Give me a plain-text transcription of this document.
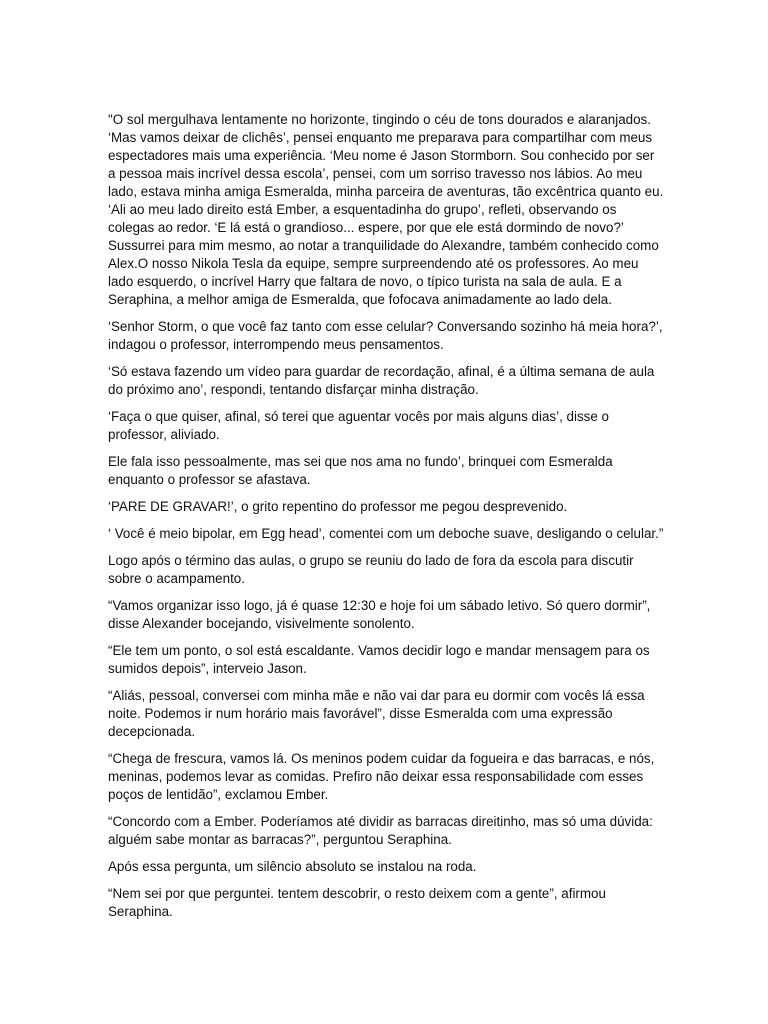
"O sol mergulhava lentamente no horizonte, tingindo o céu de tons dourados e alaranjados. ‘Mas vamos deixar de clichês’, pensei enquanto me preparava para compartilhar com meus espectadores mais uma experiência. ‘Meu nome é Jason Stormborn. Sou conhecido por ser a pessoa mais incrível dessa escola’, pensei, com um sorriso travesso nos lábios. Ao meu lado, estava minha amiga Esmeralda, minha parceira de aventuras, tão excêntrica quanto eu. ‘Ali ao meu lado direito está Ember, a esquentadinha do grupo’, refleti, observando os colegas ao redor. ‘E lá está o grandioso... espere, por que ele está dormindo de novo?’ Sussurrei para mim mesmo, ao notar a tranquilidade do Alexandre, também conhecido como Alex.O nosso Nikola Tesla da equipe, sempre surpreendendo até os professores. Ao meu lado esquerdo, o incrível Harry que faltara de novo, o típico turista na sala de aula. E a Seraphina, a melhor amiga de Esmeralda, que fofocava animadamente ao lado dela.

‘Senhor Storm, o que você faz tanto com esse celular? Conversando sozinho há meia hora?’, indagou o professor, interrompendo meus pensamentos.

‘Só estava fazendo um vídeo para guardar de recordação, afinal, é a última semana de aula do próximo ano’, respondi, tentando disfarçar minha distração.

‘Faça o que quiser, afinal, só terei que aguentar vocês por mais alguns dias’, disse o professor, aliviado.

Ele fala isso pessoalmente, mas sei que nos ama no fundo’, brinquei com Esmeralda enquanto o professor se afastava.

‘PARE DE GRAVAR!’, o grito repentino do professor me pegou desprevenido.

‘ Você é meio bipolar, em Egg head’, comentei com um deboche suave, desligando o celular.”

Logo após o término das aulas, o grupo se reuniu do lado de fora da escola para discutir sobre o acampamento.

“Vamos organizar isso logo, já é quase 12:30 e hoje foi um sábado letivo. Só quero dormir”, disse Alexander bocejando, visivelmente sonolento.

“Ele tem um ponto, o sol está escaldante. Vamos decidir logo e mandar mensagem para os sumidos depois”, interveio Jason.

“Aliás, pessoal, conversei com minha mãe e não vai dar para eu dormir com vocês lá essa noite. Podemos ir num horário mais favorável”, disse Esmeralda com uma expressão decepcionada.

“Chega de frescura, vamos lá. Os meninos podem cuidar da fogueira e das barracas, e nós, meninas, podemos levar as comidas. Prefiro não deixar essa responsabilidade com esses poços de lentidão”, exclamou Ember.

“Concordo com a Ember. Poderíamos até dividir as barracas direitinho, mas só uma dúvida: alguém sabe montar as barracas?”, perguntou Seraphina.

Após essa pergunta, um silêncio absoluto se instalou na roda.

“Nem sei por que perguntei. tentem descobrir, o resto deixem com a gente”, afirmou Seraphina.
